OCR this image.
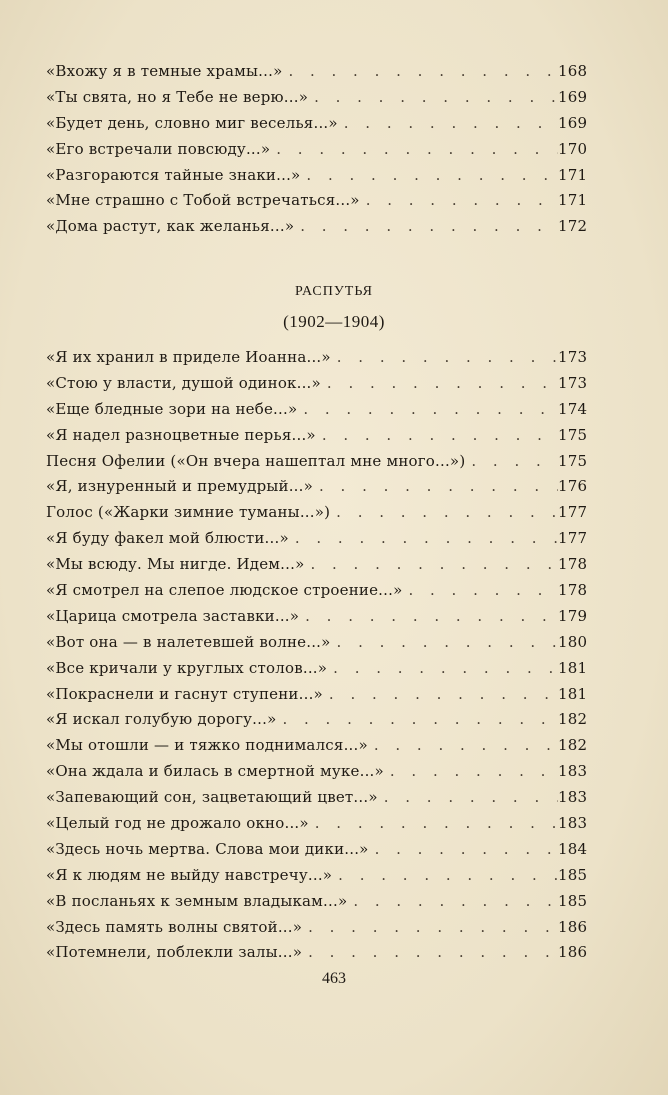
«Вхожу я в темные храмы...» . . .	168
«Ты свята, но я Тебе не верю...» . . .	169
«Будет день, словно миг веселья...» . . .	169
«Его встречали повсюду...» . . .	170
«Разгораются тайные знаки...» . . .	171
«Мне страшно с Тобой встречаться...» . . .	171
«Дома растут, как желанья...» . . .	172
РАСПУТЬЯ
(1902—1904)
«Я их хранил в приделе Иоанна...» . . .	173
«Стою у власти, душой одинок...» . . .	173
«Еще бледные зори на небе...» . . .	174
«Я надел разноцветные перья...» . . .	175
Песня Офелии («Он вчера нашептал мне много...») . . .	175
«Я, изнуренный и премудрый...» . . .	176
Голос («Жарки зимние туманы...») . . .	177
«Я буду факел мой блюсти...» . . .	177
«Мы всюду. Мы нигде. Идем...» . . .	178
«Я смотрел на слепое людское строение...» . . .	178
«Царица смотрела заставки...» . . .	179
«Вот она — в налетевшей волне...» . . .	180
«Все кричали у круглых столов...» . . .	181
«Покраснели и гаснут ступени...» . . .	181
«Я искал голубую дорогу...» . . .	182
«Мы отошли — и тяжко поднимался...» . . .	182
«Она ждала и билась в смертной муке...» . . .	183
«Запевающий сон, зацветающий цвет...» . . .	183
«Целый год не дрожало окно...» . . .	183
«Здесь ночь мертва. Слова мои дики...» . . .	184
«Я к людям не выйду навстречу...» . . .	185
«В посланьях к земным владыкам...» . . .	185
«Здесь память волны святой...» . . .	186
«Потемнели, поблекли залы...» . . .	186
463
